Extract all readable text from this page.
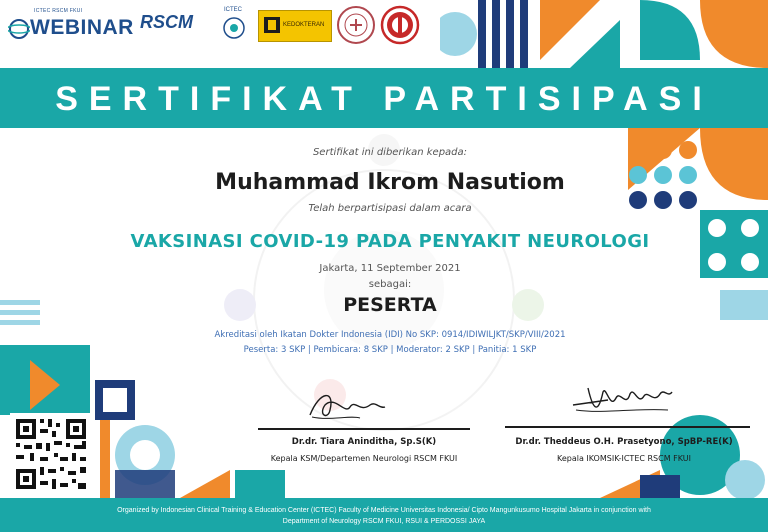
ICTEC RSCM FKUI
WEBINAR RSCM
ICTEC
KEDOKTERAN
SERTIFIKAT PARTISIPASI
Sertifikat ini diberikan kepada:
Muhammad Ikrom Nasutiom
Telah berpartisipasi dalam acara
VAKSINASI COVID-19 PADA PENYAKIT NEUROLOGI
Jakarta, 11 September 2021
sebagai:
PESERTA
Akreditasi oleh Ikatan Dokter Indonesia (IDI) No SKP: 0914/IDIWILJKT/SKP/VIII/2021
Peserta: 3 SKP | Pembicara: 8 SKP | Moderator: 2 SKP | Panitia: 1 SKP
Dr.dr. Tiara Aninditha, Sp.S(K)
Kepala KSM/Departemen Neurologi RSCM FKUI
Dr.dr. Theddeus O.H. Prasetyono, SpBP-RE(K)
Kepala IKOMSIK-ICTEC RSCM FKUI
Organized by Indonesian Clinical Training & Education Center (ICTEC) Faculty of Medicine Universitas Indonesia/ Cipto Mangunkusumo Hospital Jakarta in conjunction with
Department of Neurology RSCM FKUI, RSUI & PERDOSSI JAYA
